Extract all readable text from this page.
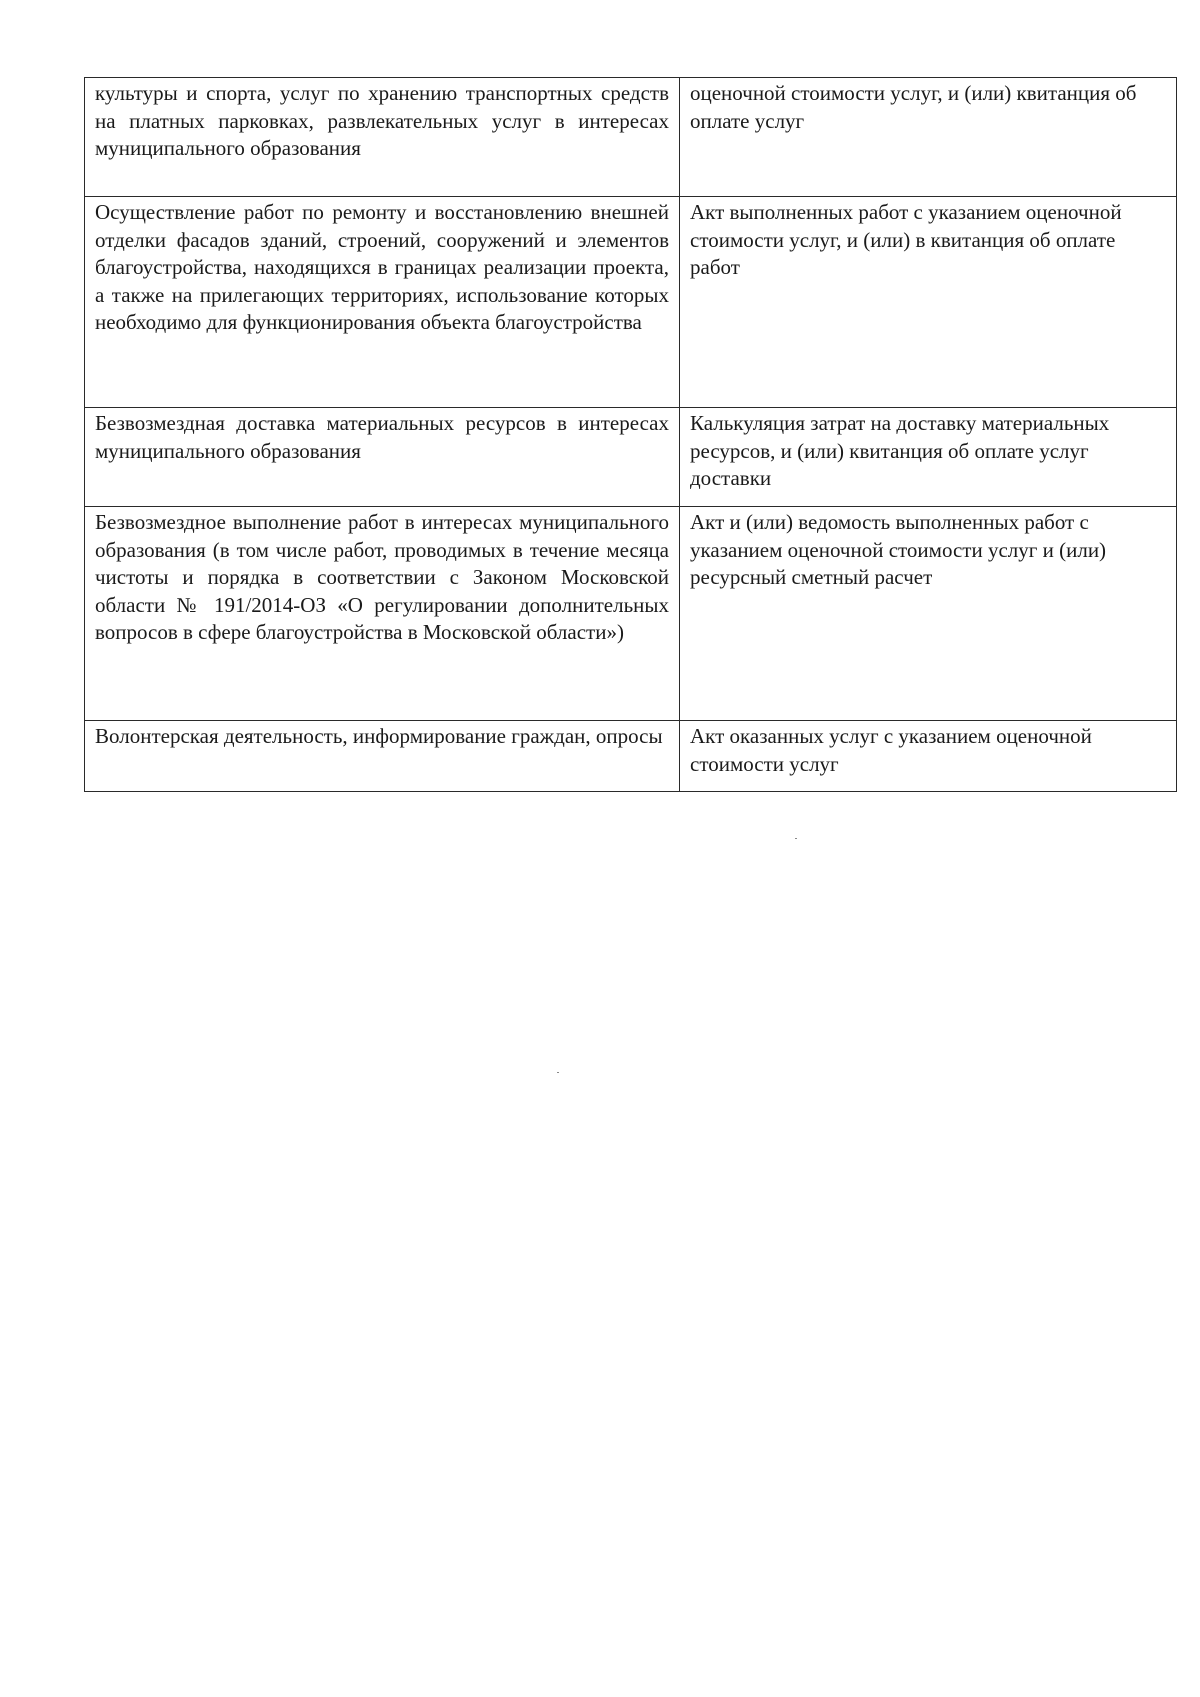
культуры и спорта, услуг по хранению транспортных средств на платных парковках, развлекательных услуг в интересах муниципального образования	оценочной стоимости услуг, и (или) квитанция об оплате услуг
Осуществление работ по ремонту и восстановлению внешней отделки фасадов зданий, строений, сооружений и элементов благоустройства, находящихся в границах реализации проекта, а также на прилегающих территориях, использование которых необходимо для функционирования объекта благоустройства	Акт выполненных работ с указанием оценочной стоимости услуг, и (или) в квитанция об оплате работ
Безвозмездная доставка материальных ресурсов в интересах муниципального образования	Калькуляция затрат на доставку материальных ресурсов, и (или) квитанция об оплате услуг доставки
Безвозмездное выполнение работ в интересах муниципального образования (в том числе работ, проводимых в течение месяца чистоты и порядка в соответствии с Законом Московской области № 191/2014-ОЗ «О регулировании дополнительных вопросов в сфере благоустройства в Московской области»)	Акт и (или) ведомость выполненных работ с указанием оценочной стоимости услуг и (или) ресурсный сметный расчет
Волонтерская деятельность, информирование граждан, опросы	Акт оказанных услуг с указанием оценочной стоимости услуг
